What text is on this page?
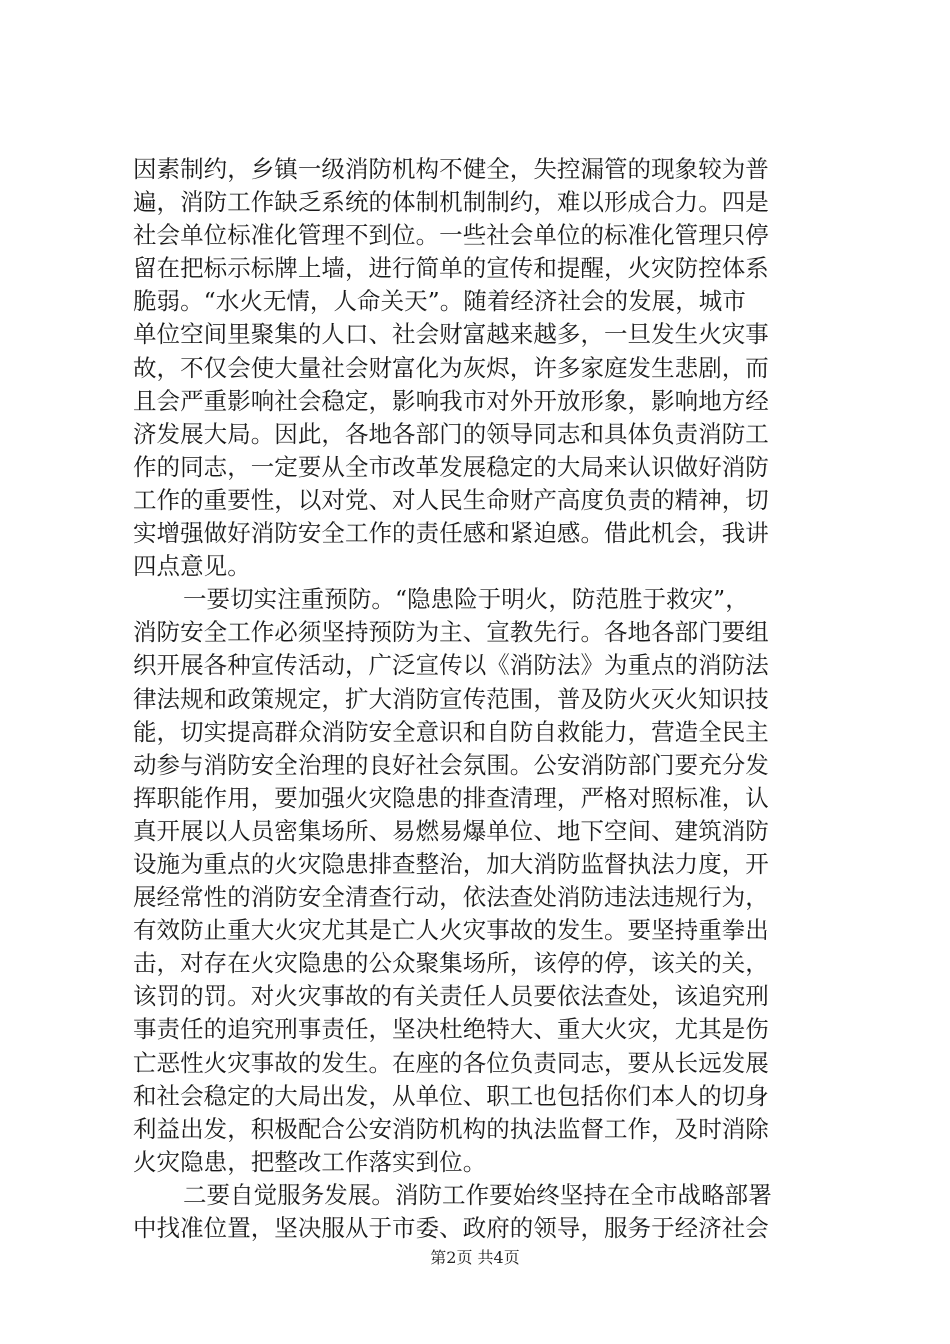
因素制约，乡镇一级消防机构不健全，失控漏管的现象较为普
遍，消防工作缺乏系统的体制机制制约，难以形成合力。四是
社会单位标准化管理不到位。一些社会单位的标准化管理只停
留在把标示标牌上墙，进行简单的宣传和提醒，火灾防控体系
脆弱。“水火无情，人命关天”。随着经济社会的发展，城市
单位空间里聚集的人口、社会财富越来越多，一旦发生火灾事
故，不仅会使大量社会财富化为灰烬，许多家庭发生悲剧，而
且会严重影响社会稳定，影响我市对外开放形象，影响地方经
济发展大局。因此，各地各部门的领导同志和具体负责消防工
作的同志，一定要从全市改革发展稳定的大局来认识做好消防
工作的重要性，以对党、对人民生命财产高度负责的精神，切
实增强做好消防安全工作的责任感和紧迫感。借此机会，我讲
四点意见。
一要切实注重预防。“隐患险于明火，防范胜于救灾”，
消防安全工作必须坚持预防为主、宣教先行。各地各部门要组
织开展各种宣传活动，广泛宣传以《消防法》为重点的消防法
律法规和政策规定，扩大消防宣传范围，普及防火灭火知识技
能，切实提高群众消防安全意识和自防自救能力，营造全民主
动参与消防安全治理的良好社会氛围。公安消防部门要充分发
挥职能作用，要加强火灾隐患的排查清理，严格对照标准，认
真开展以人员密集场所、易燃易爆单位、地下空间、建筑消防
设施为重点的火灾隐患排查整治，加大消防监督执法力度，开
展经常性的消防安全清查行动，依法查处消防违法违规行为，
有效防止重大火灾尤其是亡人火灾事故的发生。要坚持重拳出
击，对存在火灾隐患的公众聚集场所，该停的停，该关的关，
该罚的罚。对火灾事故的有关责任人员要依法查处，该追究刑
事责任的追究刑事责任，坚决杜绝特大、重大火灾，尤其是伤
亡恶性火灾事故的发生。在座的各位负责同志，要从长远发展
和社会稳定的大局出发，从单位、职工也包括你们本人的切身
利益出发，积极配合公安消防机构的执法监督工作，及时消除
火灾隐患，把整改工作落实到位。
二要自觉服务发展。消防工作要始终坚持在全市战略部署
中找准位置，坚决服从于市委、政府的领导，服务于经济社会
第2页 共4页
